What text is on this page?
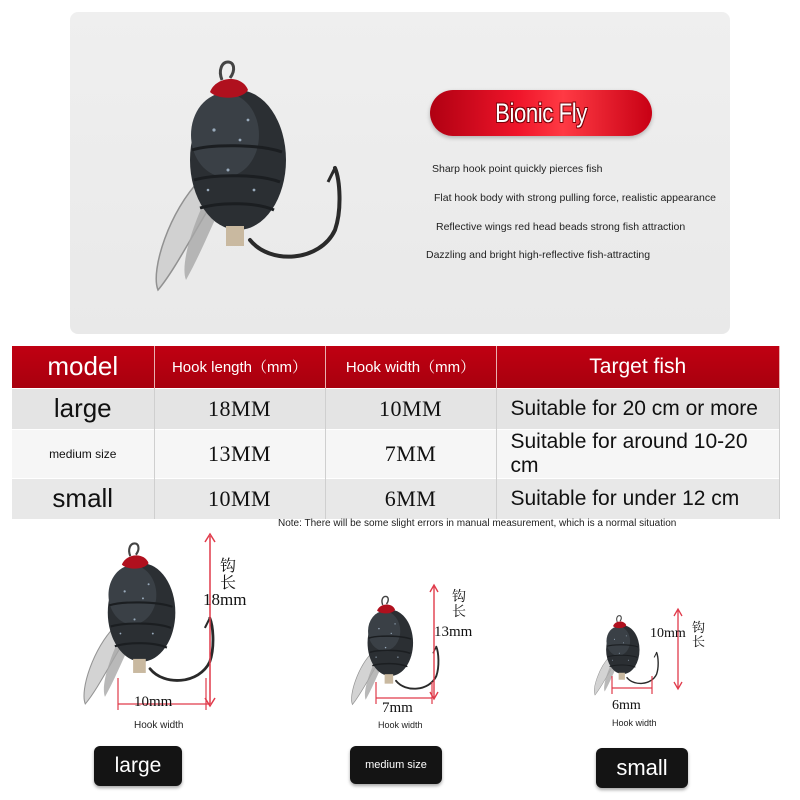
Bionic Fly
Sharp hook point quickly pierces fish
Flat hook body with strong pulling force, realistic appearance
Reflective wings red head beads strong fish attraction
Dazzling and bright high-reflective fish-attracting
model	Hook length（mm）	Hook width（mm）	Target fish
large	18MM	10MM	Suitable for 20 cm or more
medium size	13MM	7MM	Suitable for around 10-20 cm
small	10MM	6MM	Suitable for under 12 cm
Note: There will be some slight errors in manual measurement, which is a normal situation
钩长
18mm
10mm
Hook width
large
钩长
13mm
7mm
Hook width
medium size
10mm 钩长
6mm
Hook width
small
